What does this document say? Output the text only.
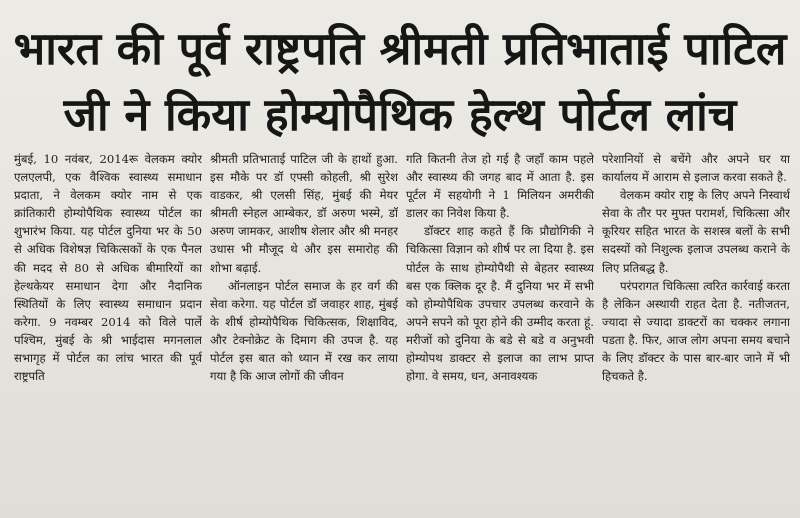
भारत की पूर्व राष्ट्रपति श्रीमती प्रतिभाताई पाटिल जी ने किया होम्योपैथिक हेल्थ पोर्टल लांच

मुंबई, 10 नवंबर, 2014रू वेलकम क्योर एलएलपी, एक वैश्विक स्वास्थ्य समाधान प्रदाता, ने वेलकम क्योर नाम से एक क्रांतिकारी होम्योपैथिक स्वास्थ्य पोर्टल का शुभारंभ किया. यह पोर्टल दुनिया भर के 50 से अधिक विशेषज्ञ चिकित्सकों के एक पैनल की मदद से 80 से अधिक बीमारियों का हेल्थकेयर समाधान देगा और नैदानिक स्थितियों के लिए स्वास्थ्य समाधान प्रदान करेगा. 9 नवम्बर 2014 को विले पार्ले पश्चिम, मुंबई के श्री भाईदास मगनलाल सभागृह में पोर्टल का लांच भारत की पूर्व राष्ट्रपति

श्रीमती प्रतिभाताई पाटिल जी के हाथों हुआ. इस मौके पर डॉ एफ्सी कोहली, श्री सुरेश वाडकर, श्री एलसी सिंह, मुंबई की मेयर श्रीमती स्नेहल आम्बेकर, डॉ अरुण भस्मे, डॉ अरुण जामकर, आशीष शेलार और श्री मनहर उधास भी मौजूद थे और इस समारोह की शोभा बढ़ाई.

ऑनलाइन पोर्टल समाज के हर वर्ग की सेवा करेगा. यह पोर्टल डॉ जवाहर शाह, मुंबई के शीर्ष होम्योपैथिक चिकित्सक, शिक्षाविद, और टेक्नोक्रेट के दिमाग की उपज है. यह पोर्टल इस बात को ध्यान में रख कर लाया गया है कि आज लोगों की जीवन

गति कितनी तेज हो गई है जहाँ काम पहले और स्वास्थ्य की जगह बाद में आता है. इस पूर्टल में सहयोगी ने 1 मिलियन अमरीकी डालर का निवेश किया है.

डॉक्टर शाह कहते हैं कि प्रौद्योगिकी ने चिकित्सा विज्ञान को शीर्ष पर ला दिया है. इस पोर्टल के साथ होम्योपैथी से बेहतर स्वास्थ्य बस एक क्लिक दूर है. मैं दुनिया भर में सभी को होम्योपैथिक उपचार उपलब्ध करवाने के अपने सपने को पूरा होने की उम्मीद करता हूं. मरीजों को दुनिया के बडे से बडे व अनुभवी होम्योपथ डाक्टर से इलाज का लाभ प्राप्त होगा. वे समय, धन, अनावश्यक

परेशानियों से बचेंगे और अपने घर या कार्यालय में आराम से इलाज करवा सकते है.

वेलकम क्योर राष्ट्र के लिए अपने निस्वार्थ सेवा के तौर पर मुफ्त परामर्श, चिकित्सा और कूरियर सहित भारत के सशस्त्र बलों के सभी सदस्यों को निशुल्क इलाज उपलब्ध कराने के लिए प्रतिबद्ध है.

परंपरागत चिकित्सा त्वरित कार्रवाई करता है लेकिन अस्थायी राहत देता है. नतीजतन, ज्यादा से ज्यादा डाक्टरों का चक्कर लगाना पडता है. फिर, आज लोग अपना समय बचाने के लिए डॉक्टर के पास बार-बार जाने में भी हिचकते है.
